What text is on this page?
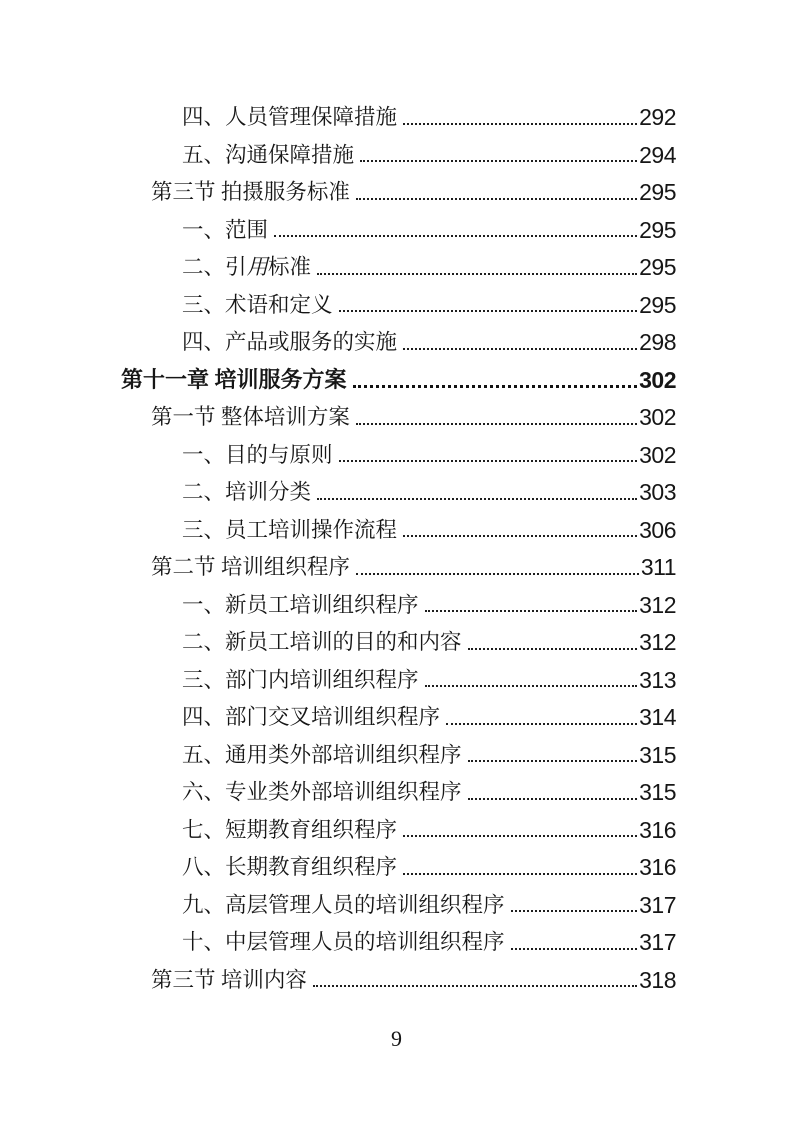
四、人员管理保障措施	292
五、沟通保障措施	294
第三节 拍摄服务标准	295
一、范围	295
二、引用标准	295
三、术语和定义	295
四、产品或服务的实施	298
第十一章 培训服务方案	302
第一节 整体培训方案	302
一、目的与原则	302
二、培训分类	303
三、员工培训操作流程	306
第二节 培训组织程序	311
一、新员工培训组织程序	312
二、新员工培训的目的和内容	312
三、部门内培训组织程序	313
四、部门交叉培训组织程序	314
五、通用类外部培训组织程序	315
六、专业类外部培训组织程序	315
七、短期教育组织程序	316
八、长期教育组织程序	316
九、高层管理人员的培训组织程序	317
十、中层管理人员的培训组织程序	317
第三节 培训内容	318
9
